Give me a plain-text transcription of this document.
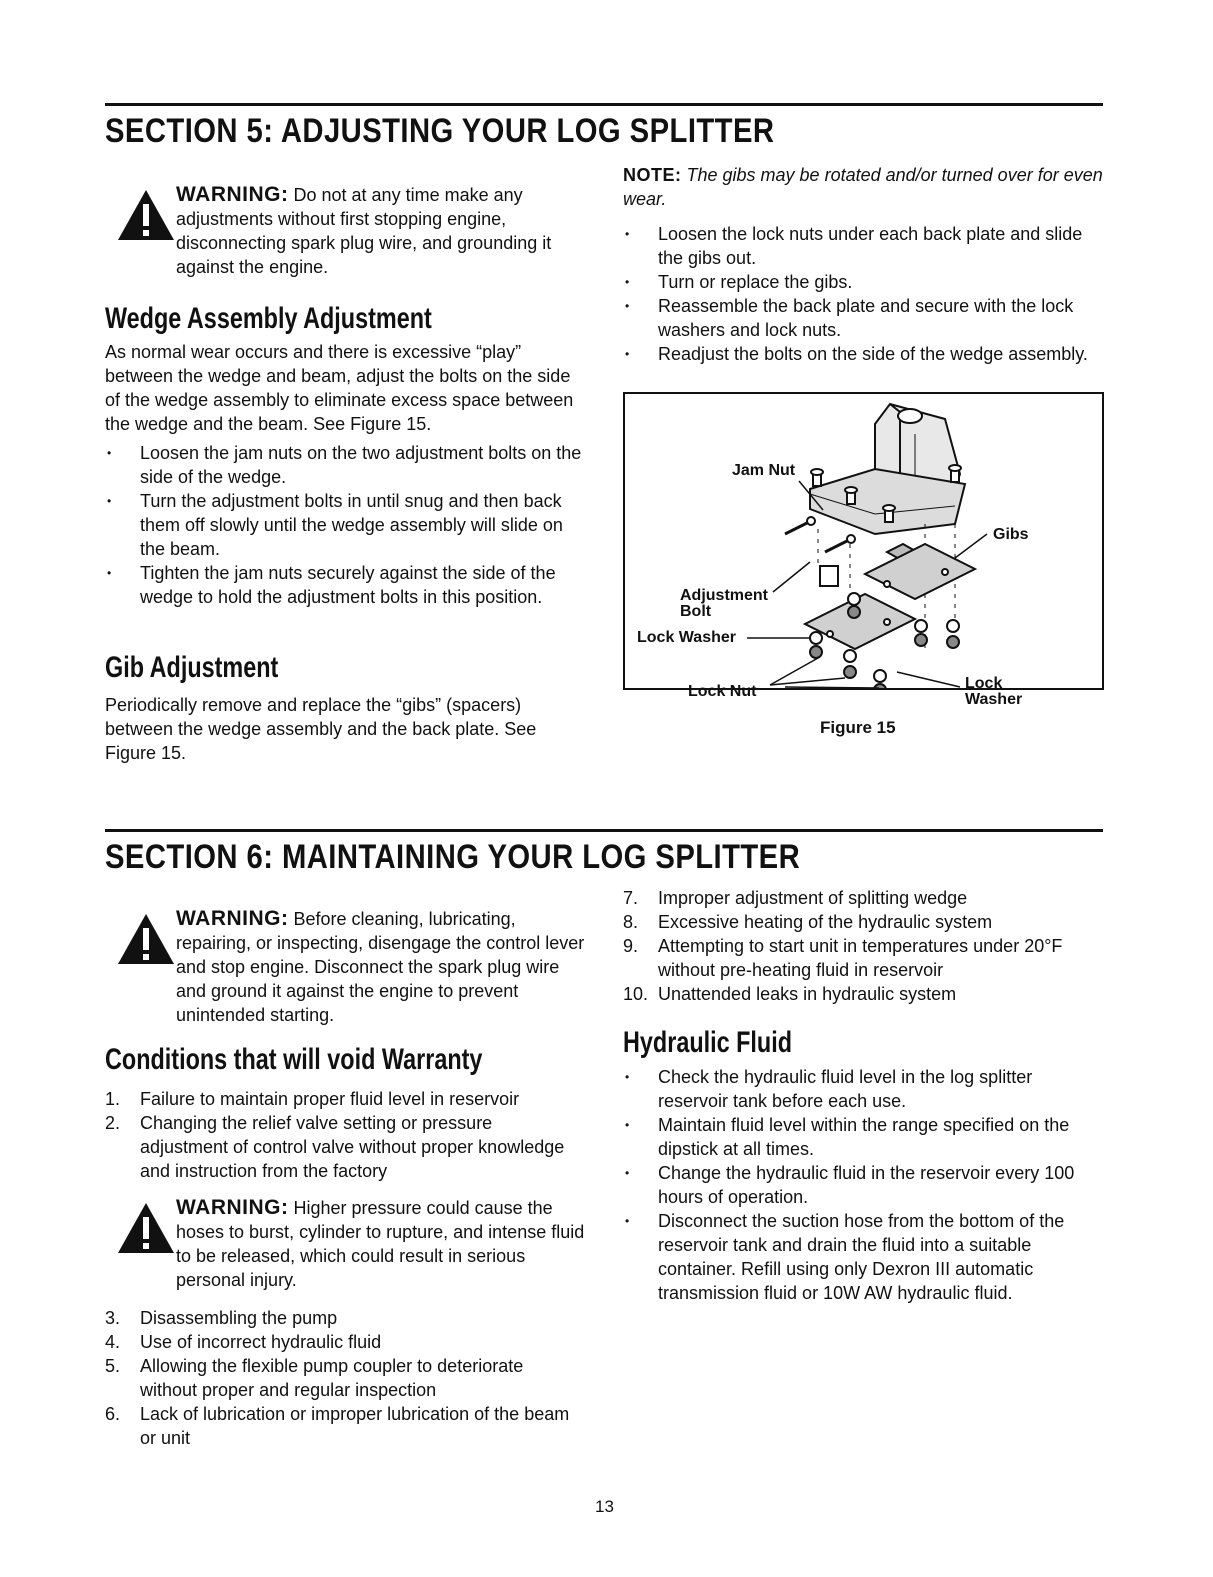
SECTION 5: ADJUSTING YOUR LOG SPLITTER
WARNING: Do not at any time make any adjustments without first stopping engine, disconnecting spark plug wire, and grounding it against the engine.
Wedge Assembly Adjustment
As normal wear occurs and there is excessive “play” between the wedge and beam, adjust the bolts on the side of the wedge assembly to eliminate excess space between the wedge and the beam. See Figure 15.
• Loosen the jam nuts on the two adjustment bolts on the side of the wedge.
• Turn the adjustment bolts in until snug and then back them off slowly until the wedge assembly will slide on the beam.
• Tighten the jam nuts securely against the side of the wedge to hold the adjustment bolts in this position.
Gib Adjustment
Periodically remove and replace the “gibs” (spacers) between the wedge assembly and the back plate. See Figure 15.
NOTE: The gibs may be rotated and/or turned over for even wear.
• Loosen the lock nuts under each back plate and slide the gibs out.
• Turn or replace the gibs.
• Reassemble the back plate and secure with the lock washers and lock nuts.
• Readjust the bolts on the side of the wedge assembly.
Jam Nut
Gibs
Adjustment
Bolt
Lock Washer
Lock Nut	Lock
Washer
Figure 15
SECTION 6: MAINTAINING YOUR LOG SPLITTER
WARNING: Before cleaning, lubricating, repairing, or inspecting, disengage the control lever and stop engine. Disconnect the spark plug wire and ground it against the engine to prevent unintended starting.
Conditions that will void Warranty
1. Failure to maintain proper fluid level in reservoir
2. Changing the relief valve setting or pressure adjustment of control valve without proper knowledge and instruction from the factory
WARNING: Higher pressure could cause the hoses to burst, cylinder to rupture, and intense fluid to be released, which could result in serious personal injury.
3. Disassembling the pump
4. Use of incorrect hydraulic fluid
5. Allowing the flexible pump coupler to deteriorate without proper and regular inspection
6. Lack of lubrication or improper lubrication of the beam or unit
7. Improper adjustment of splitting wedge
8. Excessive heating of the hydraulic system
9. Attempting to start unit in temperatures under 20°F without pre-heating fluid in reservoir
10. Unattended leaks in hydraulic system
Hydraulic Fluid
• Check the hydraulic fluid level in the log splitter reservoir tank before each use.
• Maintain fluid level within the range specified on the dipstick at all times.
• Change the hydraulic fluid in the reservoir every 100 hours of operation.
• Disconnect the suction hose from the bottom of the reservoir tank and drain the fluid into a suitable container. Refill using only Dexron III automatic transmission fluid or 10W AW hydraulic fluid.
13
